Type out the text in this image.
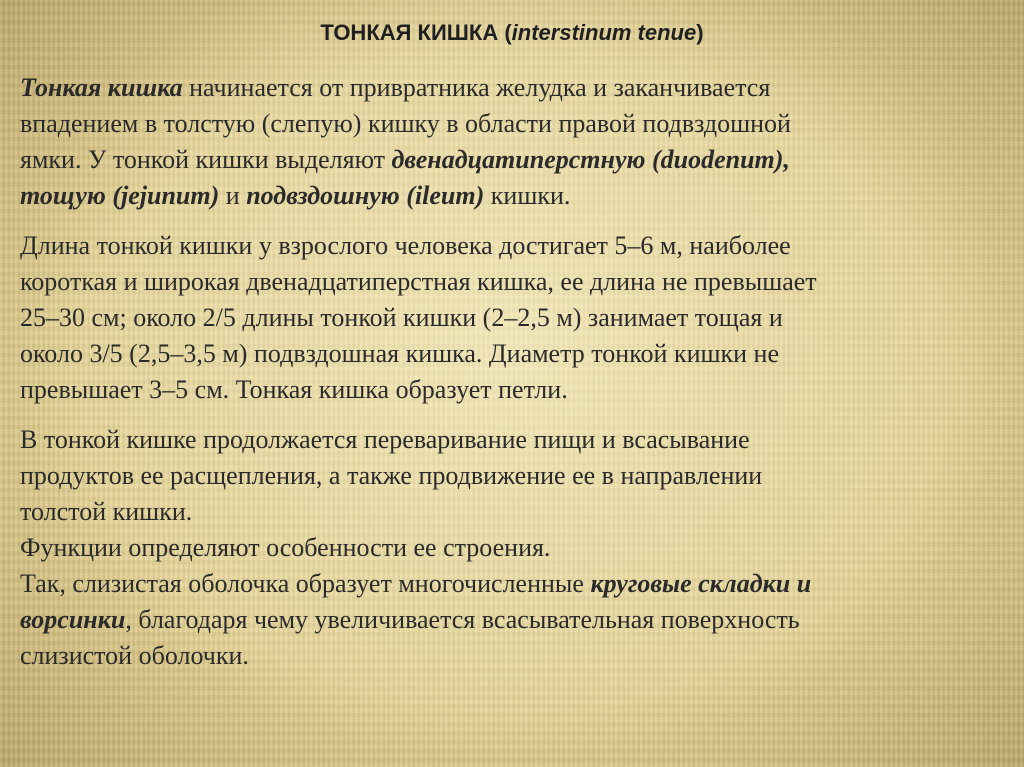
ТОНКАЯ КИШКА (interstinum tenue)

Тонкая кишка начинается от привратника желудка и заканчивается
впадением в толстую (слепую) кишку в области правой подвздошной
ямки. У тонкой кишки выделяют двенадцатиперстную (duodenum),
тощую (jejunum) и подвздошную (ileum) кишки.

Длина тонкой кишки у взрослого человека достигает 5–6 м, наиболее
короткая и широкая двенадцатиперстная кишка, ее длина не превышает
25–30 см; около 2/5 длины тонкой кишки (2–2,5 м) занимает тощая и
около 3/5 (2,5–3,5 м) подвздошная кишка. Диаметр тонкой кишки не
превышает 3–5 см. Тонкая кишка образует петли.

В тонкой кишке продолжается переваривание пищи и всасывание
продуктов ее расщепления, а также продвижение ее в направлении
толстой кишки.
Функции определяют особенности ее строения.
Так, слизистая оболочка образует многочисленные круговые складки и
ворсинки, благодаря чему увеличивается всасывательная поверхность
слизистой оболочки.
